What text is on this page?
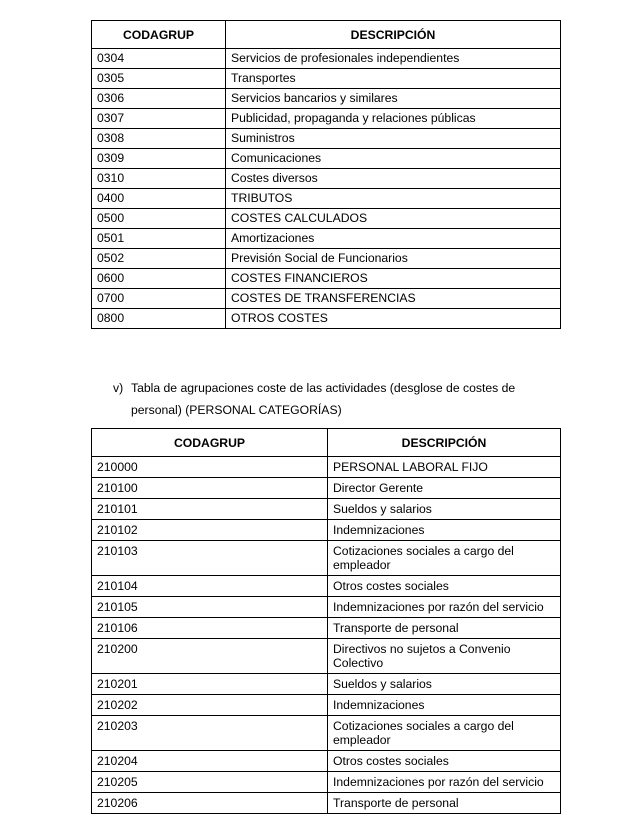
CODAGRUP	DESCRIPCIÓN
0304	Servicios de profesionales independientes
0305	Transportes
0306	Servicios bancarios y similares
0307	Publicidad, propaganda y relaciones públicas
0308	Suministros
0309	Comunicaciones
0310	Costes diversos
0400	TRIBUTOS
0500	COSTES CALCULADOS
0501	Amortizaciones
0502	Previsión Social de Funcionarios
0600	COSTES FINANCIEROS
0700	COSTES DE TRANSFERENCIAS
0800	OTROS COSTES
v) Tabla de agrupaciones coste de las actividades (desglose de costes de
personal) (PERSONAL CATEGORÍAS)
CODAGRUP	DESCRIPCIÓN
210000	PERSONAL LABORAL FIJO
210100	Director Gerente
210101	Sueldos y salarios
210102	Indemnizaciones
210103	Cotizaciones sociales a cargo del empleador
210104	Otros costes sociales
210105	Indemnizaciones por razón del servicio
210106	Transporte de personal
210200	Directivos no sujetos a Convenio Colectivo
210201	Sueldos y salarios
210202	Indemnizaciones
210203	Cotizaciones sociales a cargo del empleador
210204	Otros costes sociales
210205	Indemnizaciones por razón del servicio
210206	Transporte de personal
